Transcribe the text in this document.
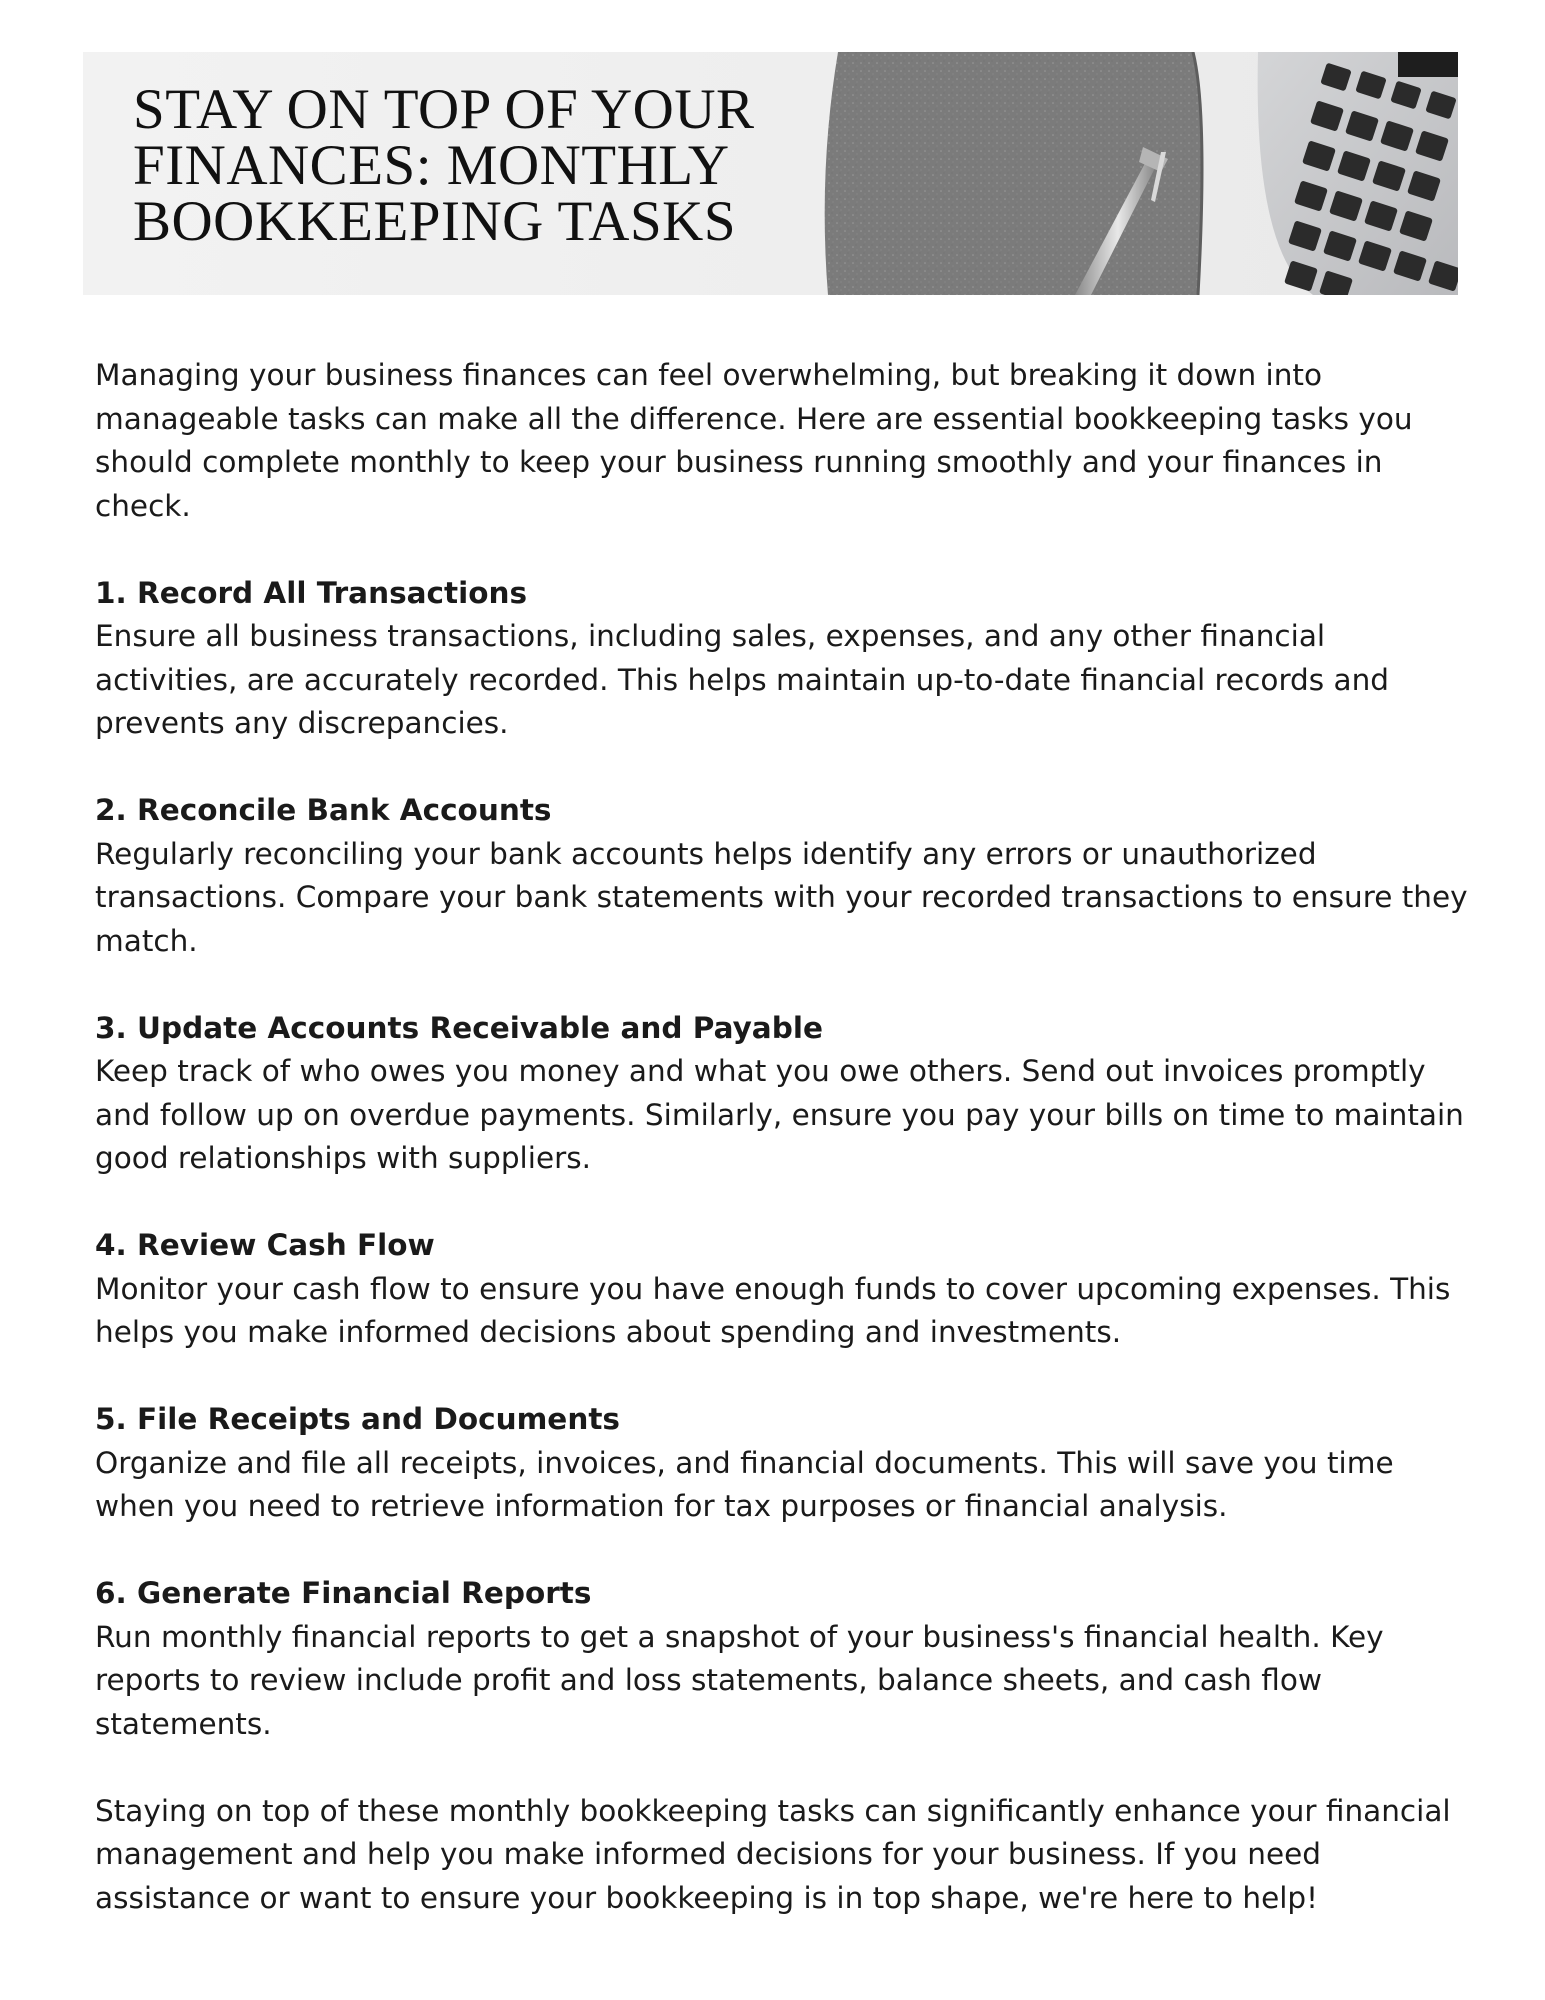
STAY ON TOP OF YOUR
FINANCES: MONTHLY
BOOKKEEPING TASKS

Managing your business finances can feel overwhelming, but breaking it down into manageable tasks can make all the difference. Here are essential bookkeeping tasks you should complete monthly to keep your business running smoothly and your finances in check.

1. Record All Transactions

Ensure all business transactions, including sales, expenses, and any other financial activities, are accurately recorded. This helps maintain up-to-date financial records and prevents any discrepancies.

2. Reconcile Bank Accounts

Regularly reconciling your bank accounts helps identify any errors or unauthorized transactions. Compare your bank statements with your recorded transactions to ensure they match.

3. Update Accounts Receivable and Payable

Keep track of who owes you money and what you owe others. Send out invoices promptly and follow up on overdue payments. Similarly, ensure you pay your bills on time to maintain good relationships with suppliers.

4. Review Cash Flow

Monitor your cash flow to ensure you have enough funds to cover upcoming expenses. This helps you make informed decisions about spending and investments.

5. File Receipts and Documents

Organize and file all receipts, invoices, and financial documents. This will save you time when you need to retrieve information for tax purposes or financial analysis.

6. Generate Financial Reports

Run monthly financial reports to get a snapshot of your business's financial health. Key reports to review include profit and loss statements, balance sheets, and cash flow statements.

Staying on top of these monthly bookkeeping tasks can significantly enhance your financial management and help you make informed decisions for your business. If you need assistance or want to ensure your bookkeeping is in top shape, we're here to help!
